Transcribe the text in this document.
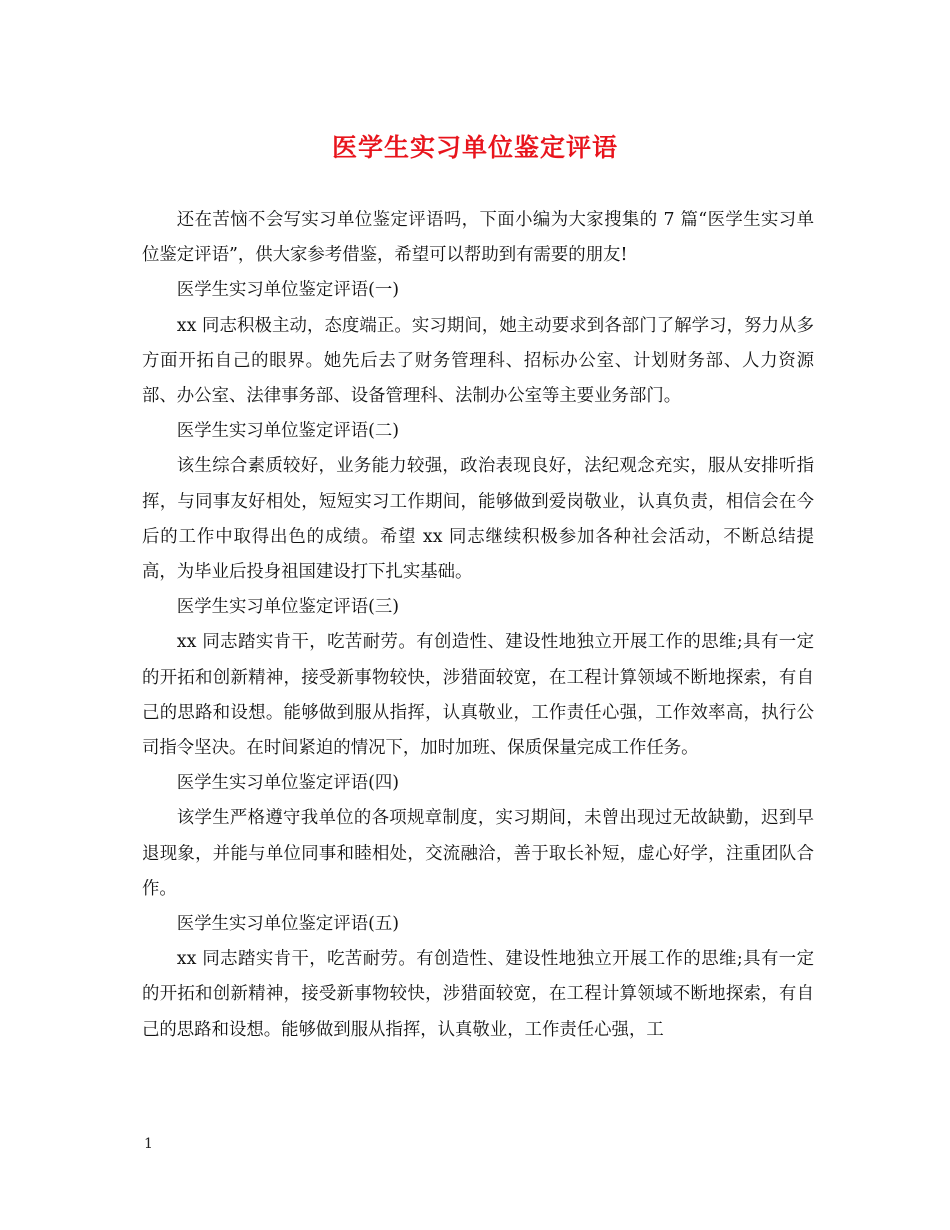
医学生实习单位鉴定评语

还在苦恼不会写实习单位鉴定评语吗，下面小编为大家搜集的 7 篇“医学生实习单位鉴定评语”，供大家参考借鉴，希望可以帮助到有需要的朋友!

医学生实习单位鉴定评语(一)

xx 同志积极主动，态度端正。实习期间，她主动要求到各部门了解学习，努力从多方面开拓自己的眼界。她先后去了财务管理科、招标办公室、计划财务部、人力资源部、办公室、法律事务部、设备管理科、法制办公室等主要业务部门。

医学生实习单位鉴定评语(二)

该生综合素质较好，业务能力较强，政治表现良好，法纪观念充实，服从安排听指挥，与同事友好相处，短短实习工作期间，能够做到爱岗敬业，认真负责，相信会在今后的工作中取得出色的成绩。希望 xx 同志继续积极参加各种社会活动，不断总结提高，为毕业后投身祖国建设打下扎实基础。

医学生实习单位鉴定评语(三)

xx 同志踏实肯干，吃苦耐劳。有创造性、建设性地独立开展工作的思维;具有一定的开拓和创新精神，接受新事物较快，涉猎面较宽，在工程计算领域不断地探索，有自己的思路和设想。能够做到服从指挥，认真敬业，工作责任心强，工作效率高，执行公司指令坚决。在时间紧迫的情况下，加时加班、保质保量完成工作任务。

医学生实习单位鉴定评语(四)

该学生严格遵守我单位的各项规章制度，实习期间，未曾出现过无故缺勤，迟到早退现象，并能与单位同事和睦相处，交流融洽，善于取长补短，虚心好学，注重团队合作。

医学生实习单位鉴定评语(五)

xx 同志踏实肯干，吃苦耐劳。有创造性、建设性地独立开展工作的思维;具有一定的开拓和创新精神，接受新事物较快，涉猎面较宽，在工程计算领域不断地探索，有自己的思路和设想。能够做到服从指挥，认真敬业，工作责任心强，工

1
